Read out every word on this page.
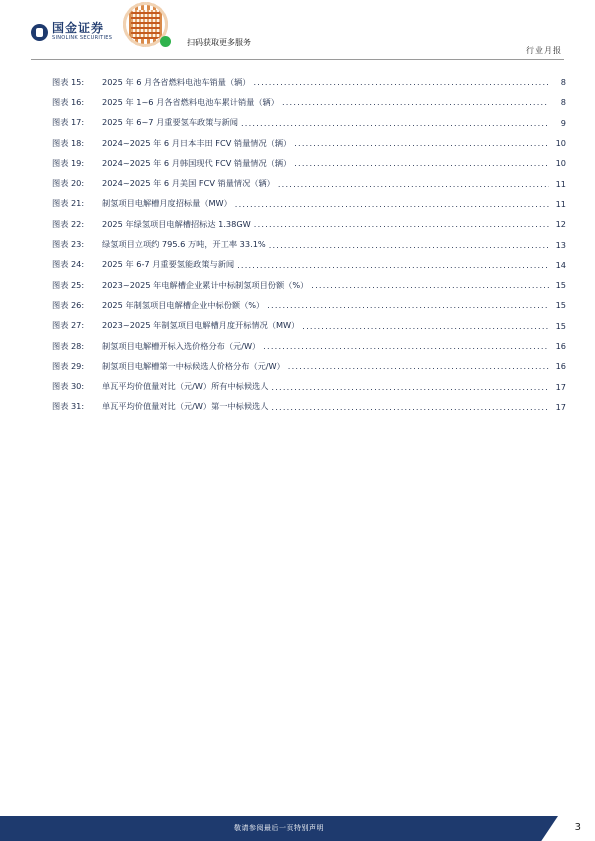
国金证券
SINOLINK SECURITIES	扫码获取更多服务
行业月报
图表 15:	2025 年 6 月各省燃料电池车销量（辆） .....	8
图表 16:	2025 年 1~6 月各省燃料电池车累计销量（辆） .....	8
图表 17:	2025 年 6~7 月重要氢车政策与新闻 .....	9
图表 18:	2024~2025 年 6 月日本丰田 FCV 销量情况（辆） .....	10
图表 19:	2024~2025 年 6 月韩国现代 FCV 销量情况（辆） .....	10
图表 20:	2024~2025 年 6 月美国 FCV 销量情况（辆） .....	11
图表 21:	制氢项目电解槽月度招标量（MW） .....	11
图表 22:	2025 年绿氢项目电解槽招标达 1.38GW .....	12
图表 23:	绿氢项目立项约 795.6 万吨，开工率 33.1% .....	13
图表 24:	2025 年 6-7 月重要氢能政策与新闻 .....	14
图表 25:	2023~2025 年电解槽企业累计中标制氢项目份额（%） .....	15
图表 26:	2025 年制氢项目电解槽企业中标份额（%） .....	15
图表 27:	2023~2025 年制氢项目电解槽月度开标情况（MW） .....	15
图表 28:	制氢项目电解槽开标入选价格分布（元/W） .....	16
图表 29:	制氢项目电解槽第一中标候选人价格分布（元/W） .....	16
图表 30:	单瓦平均价值量对比（元/W）所有中标候选人 .....	17
图表 31:	单瓦平均价值量对比（元/W）第一中标候选人 .....	17
敬请参阅最后一页特别声明	3
